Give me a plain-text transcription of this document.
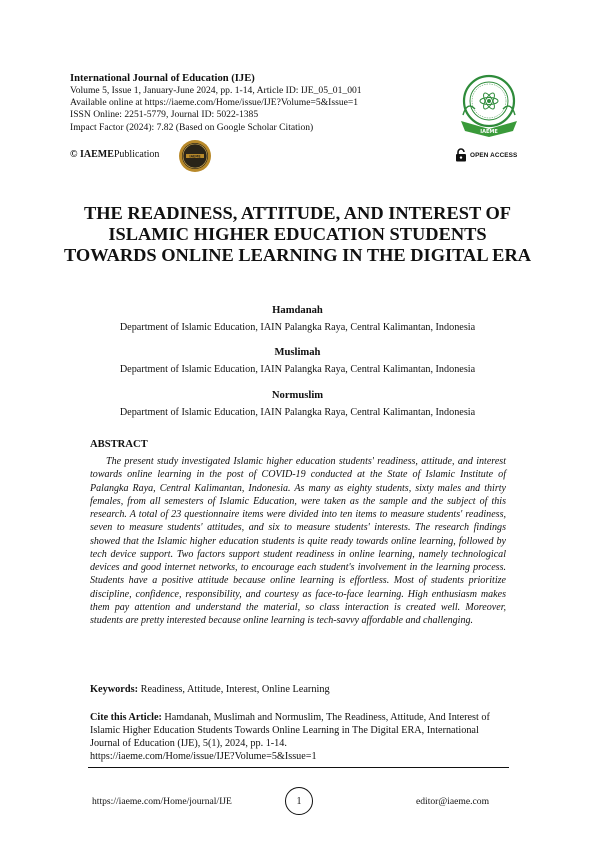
International Journal of Education (IJE)
Volume 5, Issue 1, January-June 2024, pp. 1-14, Article ID: IJE_05_01_001
Available online at https://iaeme.com/Home/issue/IJE?Volume=5&Issue=1
ISSN Online: 2251-5779, Journal ID: 5022-1385
Impact Factor (2024): 7.82 (Based on Google Scholar Citation)
© IAEME Publication	IAEME
IAEME
OPEN ACCESS
THE READINESS, ATTITUDE, AND INTEREST OF ISLAMIC HIGHER EDUCATION STUDENTS TOWARDS ONLINE LEARNING IN THE DIGITAL ERA
Hamdanah
Department of Islamic Education, IAIN Palangka Raya, Central Kalimantan, Indonesia
Muslimah
Department of Islamic Education, IAIN Palangka Raya, Central Kalimantan, Indonesia
Normuslim
Department of Islamic Education, IAIN Palangka Raya, Central Kalimantan, Indonesia
ABSTRACT

The present study investigated Islamic higher education students' readiness, attitude, and interest towards online learning in the post of COVID-19 conducted at the State of Islamic Institute of Palangka Raya, Central Kalimantan, Indonesia. As many as eighty students, sixty males and thirty females, from all semesters of Islamic Education, were taken as the sample and the subject of this research. A total of 23 questionnaire items were divided into ten items to measure students' readiness, seven to measure students' attitudes, and six to measure students' interests. The research findings showed that the Islamic higher education students is quite ready towards online learning, followed by tech device support. Two factors support student readiness in online learning, namely technological devices and good internet networks, to encourage each student's involvement in the learning process. Students have a positive attitude because online learning is effortless. Most of students prioritize discipline, confidence, responsibility, and courtesy as face-to-face learning. High enthusiasm makes them pay attention and understand the material, so class interaction is created well. Moreover, students are pretty interested because online learning is tech-savvy affordable and challenging.

Keywords: Readiness, Attitude, Interest, Online Learning

Cite this Article: Hamdanah, Muslimah and Normuslim, The Readiness, Attitude, And Interest of Islamic Higher Education Students Towards Online Learning in The Digital ERA, International Journal of Education (IJE), 5(1), 2024, pp. 1-14.
https://iaeme.com/Home/issue/IJE?Volume=5&Issue=1

https://iaeme.com/Home/journal/IJE	1	editor@iaeme.com
